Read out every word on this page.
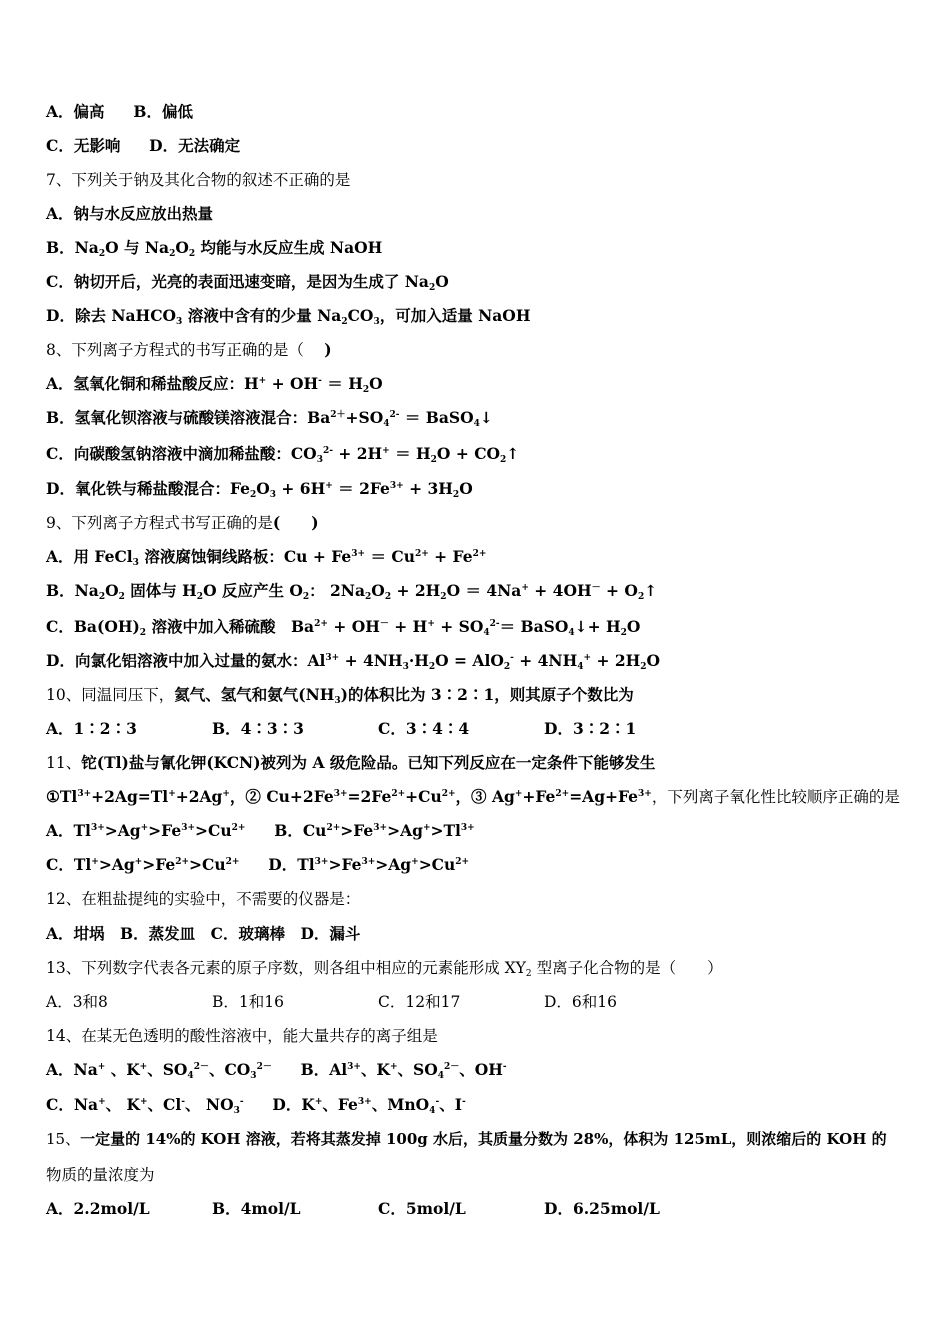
A．偏高 B．偏低
C．无影响 D．无法确定
7、下列关于钠及其化合物的叙述不正确的是
A．钠与水反应放出热量
B．$Na_2O$ 与 $Na_2O_2$ 均能与水反应生成 NaOH
C．钠切开后，光亮的表面迅速变暗，是因为生成了 $Na_2O$
D．除去 NaHCO$_3$ 溶液中含有的少量 $Na_2CO_3$，可加入适量 NaOH
8、下列离子方程式的书写正确的是（　 )
A．氢氧化铜和稀盐酸反应：$H^+ + OH^- = H_2O$
B．氢氧化钡溶液与硫酸镁溶液混合：$Ba^{2+}+SO_4^{2-}$ ＝ BaSO$_4$↓
C．向碳酸氢钠溶液中滴加稀盐酸：$CO_3^{2-} + 2H^+ = H_2O$ + $CO_2↑$
D．氧化铁与稀盐酸混合：$Fe_2O_3 + 6H^+ = 2Fe^{3+} + 3H_2O$
9、下列离子方程式书写正确的是(　　)
A．用 FeCl$_3$ 溶液腐蚀铜线路板：$Cu + Fe^{3+} = Cu^{2+} + Fe^{2+}$
B．$Na_2O_2$ 固体与 $H_2O$ 反应产生 $O_2$： $2Na_2O_2 + 2H_2O = 4Na^+ + 4OH^-$ + $O_2↑$
C．$Ba(OH)_2$ 溶液中加入稀硫酸　$Ba^{2+} + OH^- + H^+ + SO_4^{2-}=$ BaSO$_4$↓+ $H_2O$
D．向氯化铝溶液中加入过量的氨水：$Al^{3+} + 4NH_3\cdot H_2O = AlO_2^- + 4NH_4^+ + 2H_2O$
10、同温同压下，氦气、氢气和氨气$(NH_3)$的体积比为 3∶2∶1，则其原子个数比为
A．1∶2∶3	B．4∶3∶3	C．3∶4∶4	D．3∶2∶1
11、铊(Tl)盐与氰化钾(KCN)被列为 A 级危险品。已知下列反应在一定条件下能够发生
$①Tl^{3+}+2Ag=Tl^++2Ag^+$，② $Cu+2Fe^{3+}=2Fe^{2+}+Cu^{2+}$，③ $Ag^++Fe^{2+}=Ag+Fe^{3+}$，下列离子氧化性比较顺序正确的是
A．$Tl^{3+}>Ag^+>Fe^{3+}>Cu^{2+}$ B．$Cu^{2+}>Fe^{3+}>Ag^+>Tl^{3+}$
C．$Tl^+>Ag^+>Fe^{2+}>Cu^{2+}$ D．$Tl^{3+}>Fe^{3+}>Ag^+>Cu^{2+}$
12、在粗盐提纯的实验中，不需要的仪器是：
A．坩埚　B．蒸发皿　C．玻璃棒　D．漏斗
13、下列数字代表各元素的原子序数，则各组中相应的元素能形成 $XY_2$ 型离子化合物的是（　　）
A．3和8	B．1和16	C．12和17	D．6和16
14、在某无色透明的酸性溶液中，能大量共存的离子组是
A．Na+ 、K+、$SO_4^{2-}$、$CO_3^{2-}$ B．$Al^{3+}$、K+、$SO_4^{2-}$、OH-
C．Na+、 K+、Cl-、 $NO_3^-$ D．K+、$Fe^{3+}$、MnO$_4$-、I-
15、一定量的 14%的 KOH 溶液，若将其蒸发掉 100g 水后，其质量分数为 28%，体积为 125mL，则浓缩后的 KOH 的
物质的量浓度为
A．2.2mol/L	B．4mol/L	C．5mol/L	D．6.25mol/L
